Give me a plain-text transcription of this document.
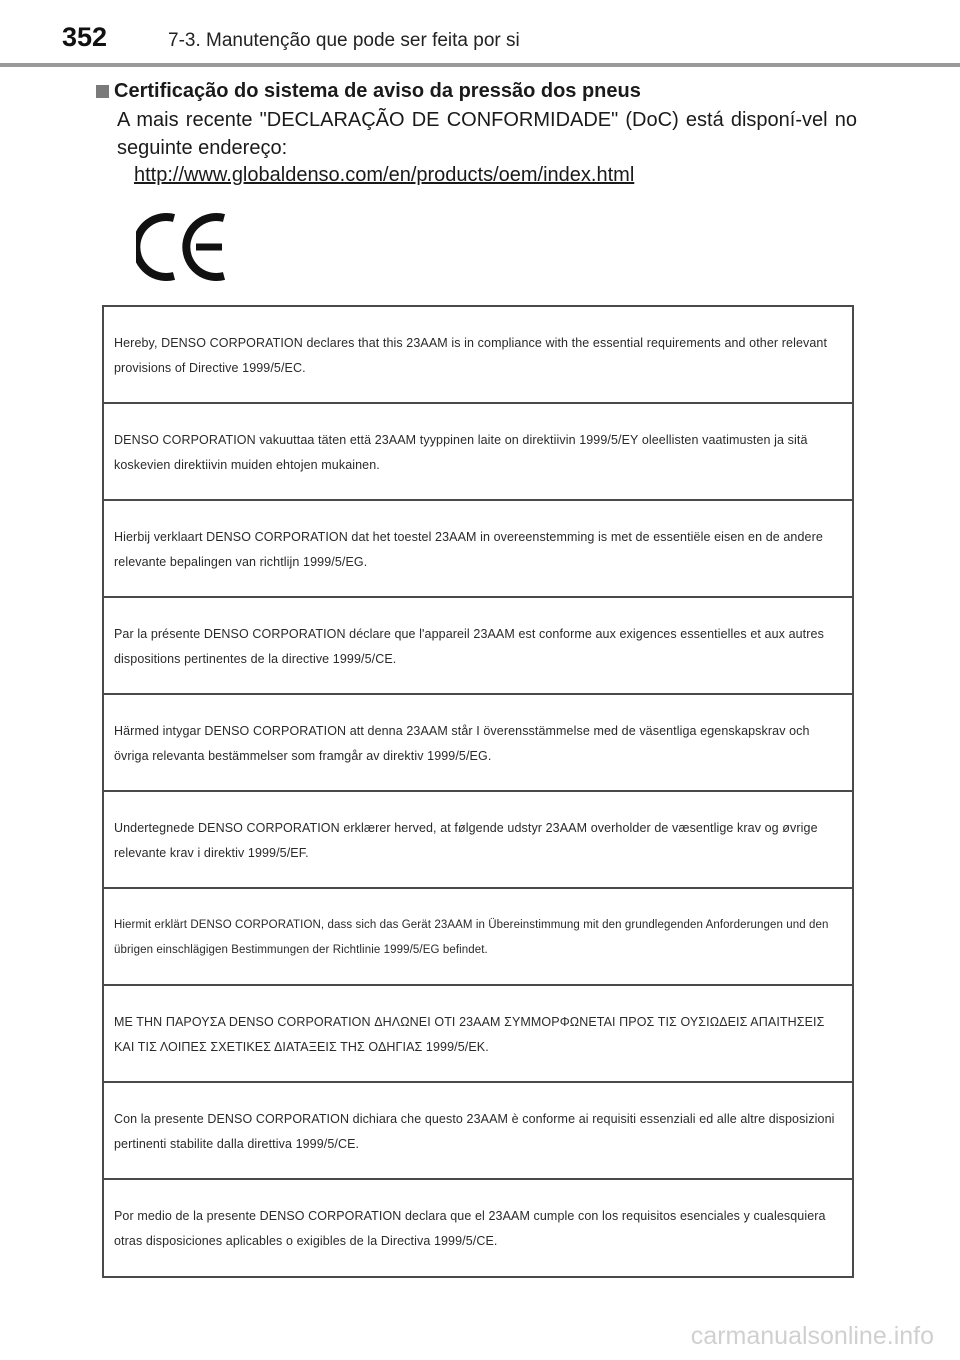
352	7-3. Manutenção que pode ser feita por si
Certificação do sistema de aviso da pressão dos pneus
A mais recente "DECLARAÇÃO DE CONFORMIDADE" (DoC) está disponí-vel no seguinte endereço:
http://www.globaldenso.com/en/products/oem/index.html
Hereby, DENSO CORPORATION declares that this 23AAM is in compliance with the essential requirements and other relevant provisions of Directive 1999/5/EC.
DENSO CORPORATION vakuuttaa täten että 23AAM tyyppinen laite on direktiivin 1999/5/EY oleellisten vaatimusten ja sitä koskevien direktiivin muiden ehtojen mukainen.
Hierbij verklaart DENSO CORPORATION dat het toestel 23AAM in overeenstemming is met de essentiële eisen en de andere relevante bepalingen van richtlijn 1999/5/EG.
Par la présente DENSO CORPORATION déclare que l'appareil 23AAM est conforme aux exigences essentielles et aux autres dispositions pertinentes de la directive 1999/5/CE.
Härmed intygar DENSO CORPORATION att denna 23AAM står I överensstämmelse med de väsentliga egenskapskrav och övriga relevanta bestämmelser som framgår av direktiv 1999/5/EG.
Undertegnede DENSO CORPORATION erklærer herved, at følgende udstyr 23AAM overholder de væsentlige krav og øvrige relevante krav i direktiv 1999/5/EF.
Hiermit erklärt DENSO CORPORATION, dass sich das Gerät 23AAM in Übereinstimmung mit den grundlegenden Anforderungen und den übrigen einschlägigen Bestimmungen der Richtlinie 1999/5/EG befindet.
ΜΕ ΤΗΝ ΠΑΡΟΥΣΑ DENSO CORPORATION ΔΗΛΩΝΕΙ ΟΤΙ 23AAM ΣΥΜΜΟΡΦΩΝΕΤΑΙ ΠΡΟΣ ΤΙΣ ΟΥΣΙΩΔΕΙΣ ΑΠΑΙΤΗΣΕΙΣ ΚΑΙ ΤΙΣ ΛΟΙΠΕΣ ΣΧΕΤΙΚΕΣ ΔΙΑΤΑΞΕΙΣ ΤΗΣ ΟΔΗΓΙΑΣ 1999/5/ΕΚ.
Con la presente DENSO CORPORATION dichiara che questo 23AAM è conforme ai requisiti essenziali ed alle altre disposizioni pertinenti stabilite dalla direttiva 1999/5/CE.
Por medio de la presente DENSO CORPORATION declara que el 23AAM cumple con los requisitos esenciales y cualesquiera otras disposiciones aplicables o exigibles de la Directiva 1999/5/CE.
carmanualsonline.info
